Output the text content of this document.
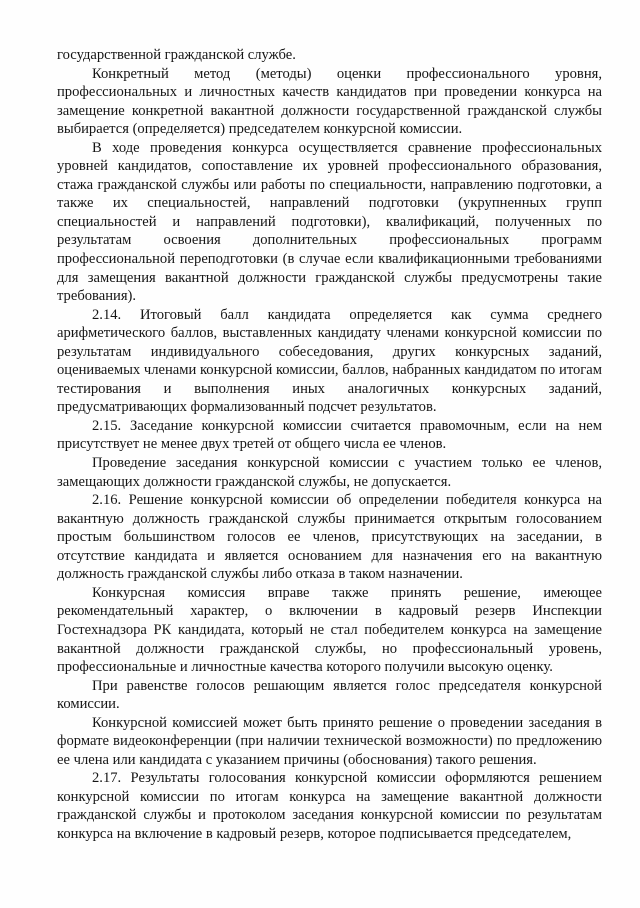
государственной гражданской службе.

Конкретный метод (методы) оценки профессионального уровня, профессиональных и личностных качеств кандидатов при проведении конкурса на замещение конкретной вакантной должности государственной гражданской службы выбирается (определяется) председателем конкурсной комиссии.

В ходе проведения конкурса осуществляется сравнение профессиональных уровней кандидатов, сопоставление их уровней профессионального образования, стажа гражданской службы или работы по специальности, направлению подготовки, а также их специальностей, направлений подготовки (укрупненных групп специальностей и направлений подготовки), квалификаций, полученных по результатам освоения дополнительных профессиональных программ профессиональной переподготовки (в случае если квалификационными требованиями для замещения вакантной должности гражданской службы предусмотрены такие требования).

2.14. Итоговый балл кандидата определяется как сумма среднего арифметического баллов, выставленных кандидату членами конкурсной комиссии по результатам индивидуального собеседования, других конкурсных заданий, оцениваемых членами конкурсной комиссии, баллов, набранных кандидатом по итогам тестирования и выполнения иных аналогичных конкурсных заданий, предусматривающих формализованный подсчет результатов.

2.15. Заседание конкурсной комиссии считается правомочным, если на нем присутствует не менее двух третей от общего числа ее членов.

Проведение заседания конкурсной комиссии с участием только ее членов, замещающих должности гражданской службы, не допускается.

2.16. Решение конкурсной комиссии об определении победителя конкурса на вакантную должность гражданской службы принимается открытым голосованием простым большинством голосов ее членов, присутствующих на заседании, в отсутствие кандидата и является основанием для назначения его на вакантную должность гражданской службы либо отказа в таком назначении.

Конкурсная комиссия вправе также принять решение, имеющее рекомендательный характер, о включении в кадровый резерв Инспекции Гостехнадзора РК кандидата, который не стал победителем конкурса на замещение вакантной должности гражданской службы, но профессиональный уровень, профессиональные и личностные качества которого получили высокую оценку.

При равенстве голосов решающим является голос председателя конкурсной комиссии.

Конкурсной комиссией может быть принято решение о проведении заседания в формате видеоконференции (при наличии технической возможности) по предложению ее члена или кандидата с указанием причины (обоснования) такого решения.

2.17. Результаты голосования конкурсной комиссии оформляются решением конкурсной комиссии по итогам конкурса на замещение вакантной должности гражданской службы и протоколом заседания конкурсной комиссии по результатам конкурса на включение в кадровый резерв, которое подписывается председателем,
